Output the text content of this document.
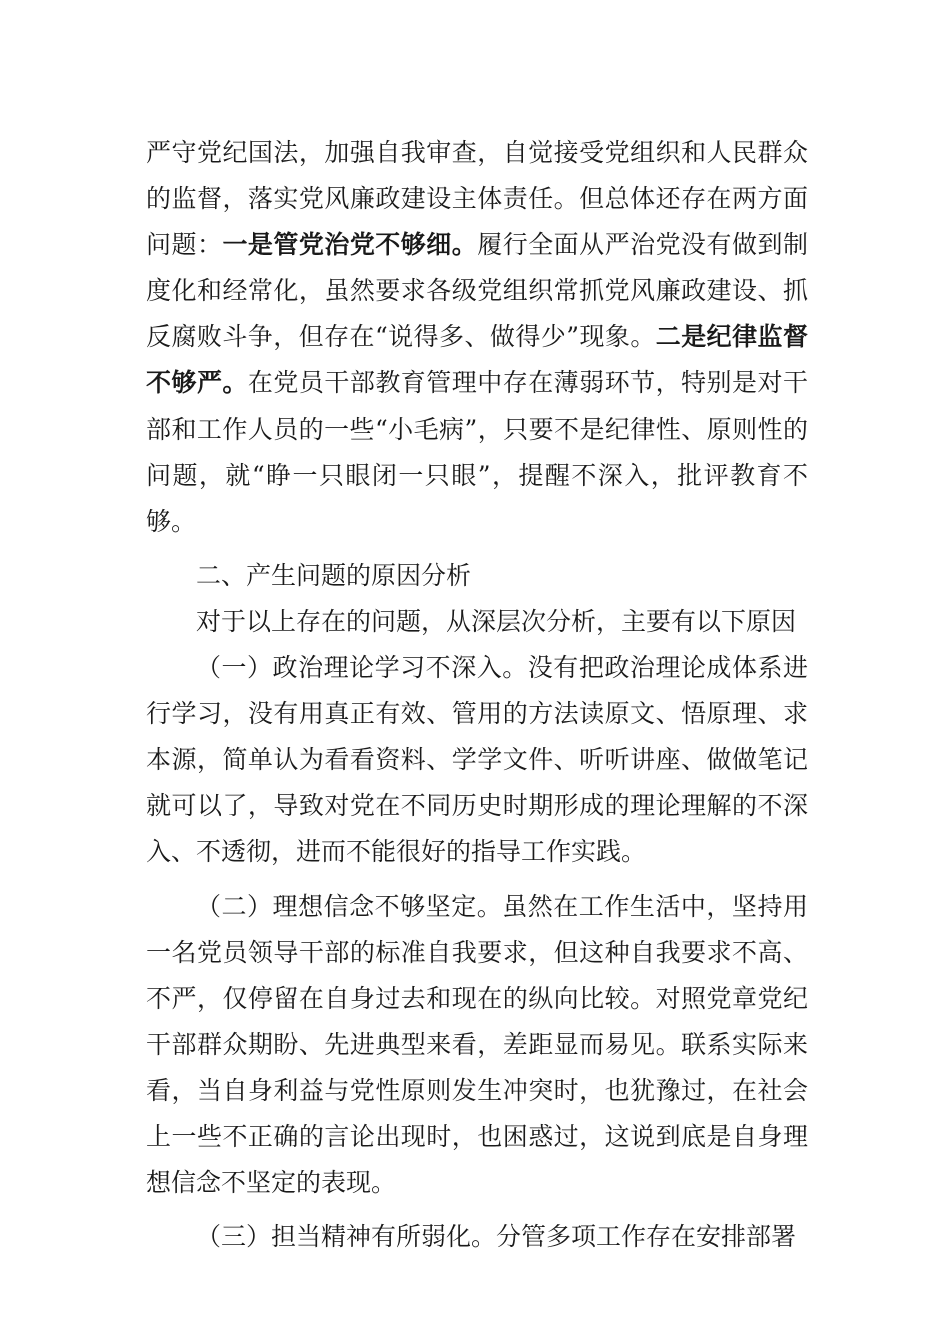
严守党纪国法，加强自我审查，自觉接受党组织和人民群众的监督，落实党风廉政建设主体责任。但总体还存在两方面问题：一是管党治党不够细。履行全面从严治党没有做到制度化和经常化，虽然要求各级党组织常抓党风廉政建设、抓反腐败斗争，但存在“说得多、做得少”现象。二是纪律监督不够严。在党员干部教育管理中存在薄弱环节，特别是对干部和工作人员的一些“小毛病”，只要不是纪律性、原则性的问题，就“睁一只眼闭一只眼”，提醒不深入，批评教育不够。

二、产生问题的原因分析

对于以上存在的问题，从深层次分析，主要有以下原因

（一）政治理论学习不深入。没有把政治理论成体系进行学习，没有用真正有效、管用的方法读原文、悟原理、求本源，简单认为看看资料、学学文件、听听讲座、做做笔记就可以了，导致对党在不同历史时期形成的理论理解的不深入、不透彻，进而不能很好的指导工作实践。

（二）理想信念不够坚定。虽然在工作生活中，坚持用一名党员领导干部的标准自我要求，但这种自我要求不高、不严，仅停留在自身过去和现在的纵向比较。对照党章党纪干部群众期盼、先进典型来看，差距显而易见。联系实际来看，当自身利益与党性原则发生冲突时，也犹豫过，在社会上一些不正确的言论出现时，也困惑过，这说到底是自身理想信念不坚定的表现。

（三）担当精神有所弱化。分管多项工作存在安排部署
